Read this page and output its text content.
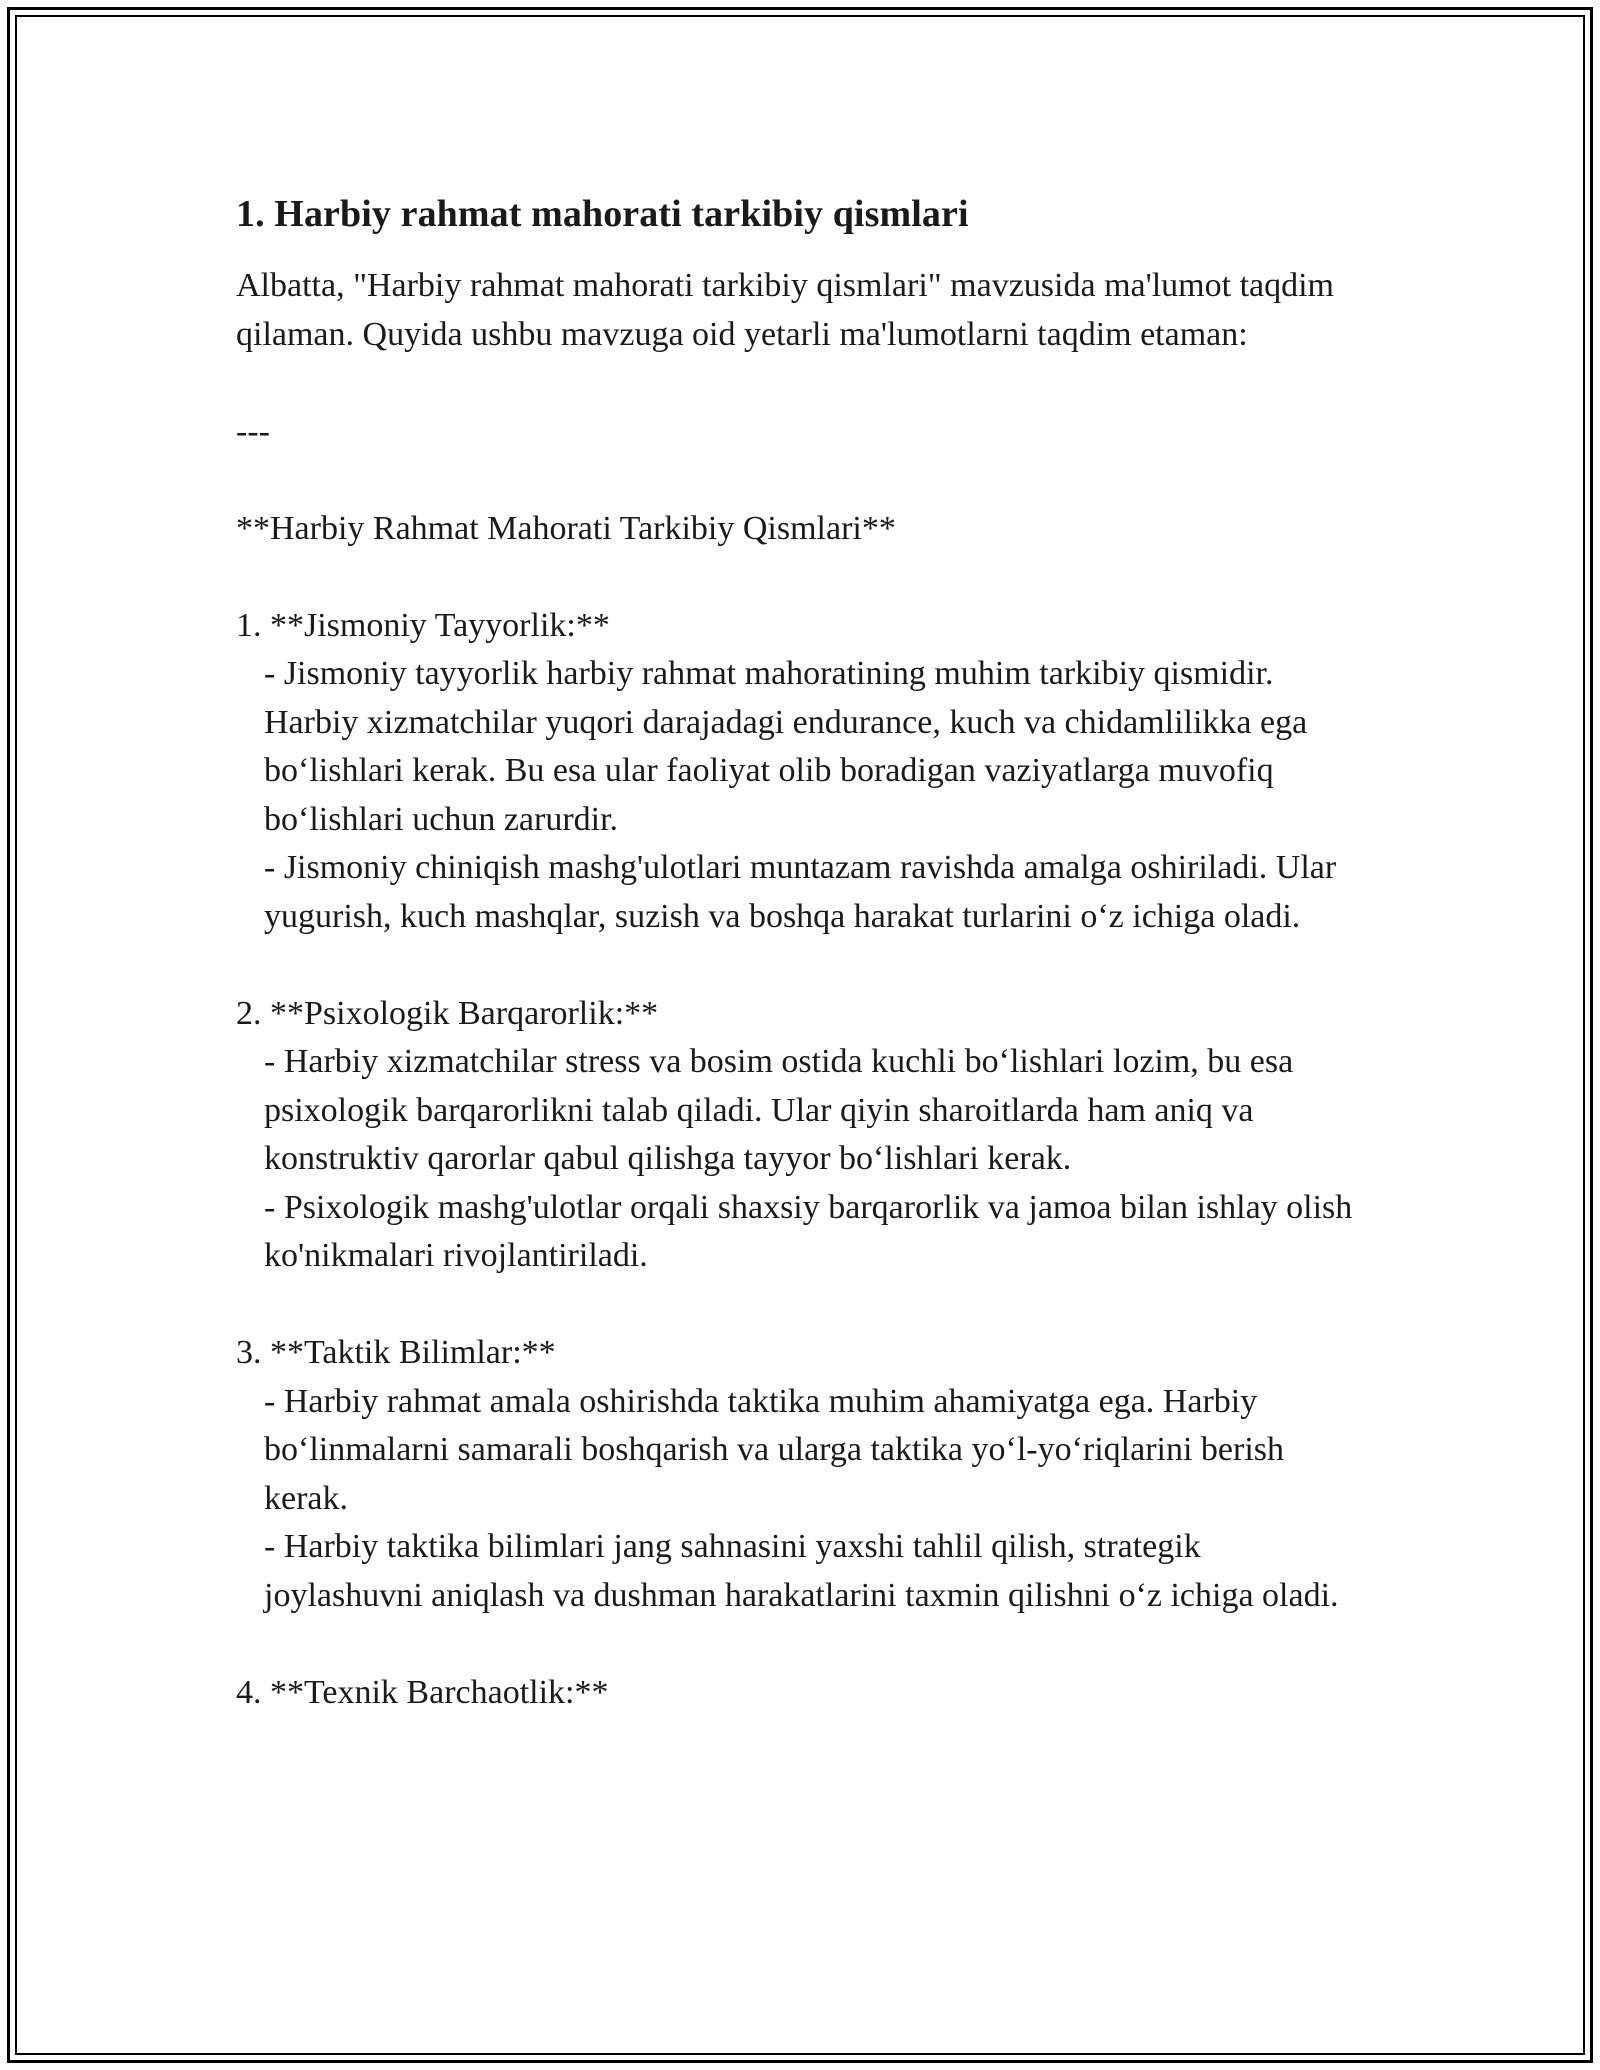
1. Harbiy rahmat mahorati tarkibiy qismlari

Albatta, "Harbiy rahmat mahorati tarkibiy qismlari" mavzusida ma'lumot taqdim qilaman. Quyida ushbu mavzuga oid yetarli ma'lumotlarni taqdim etaman:

---

**Harbiy Rahmat Mahorati Tarkibiy Qismlari**

1. **Jismoniy Tayyorlik:**

- Jismoniy tayyorlik harbiy rahmat mahoratining muhim tarkibiy qismidir. Harbiy xizmatchilar yuqori darajadagi endurance, kuch va chidamlilikka ega bo‘lishlari kerak. Bu esa ular faoliyat olib boradigan vaziyatlarga muvofiq bo‘lishlari uchun zarurdir.

- Jismoniy chiniqish mashg'ulotlari muntazam ravishda amalga oshiriladi. Ular yugurish, kuch mashqlar, suzish va boshqa harakat turlarini o‘z ichiga oladi.

2. **Psixologik Barqarorlik:**

- Harbiy xizmatchilar stress va bosim ostida kuchli bo‘lishlari lozim, bu esa psixologik barqarorlikni talab qiladi. Ular qiyin sharoitlarda ham aniq va konstruktiv qarorlar qabul qilishga tayyor bo‘lishlari kerak.

- Psixologik mashg'ulotlar orqali shaxsiy barqarorlik va jamoa bilan ishlay olish ko'nikmalari rivojlantiriladi.

3. **Taktik Bilimlar:**

- Harbiy rahmat amala oshirishda taktika muhim ahamiyatga ega. Harbiy bo‘linmalarni samarali boshqarish va ularga taktika yo‘l-yo‘riqlarini berish kerak.

- Harbiy taktika bilimlari jang sahnasini yaxshi tahlil qilish, strategik joylashuvni aniqlash va dushman harakatlarini taxmin qilishni o‘z ichiga oladi.

4. **Texnik Barchaotlik:**
